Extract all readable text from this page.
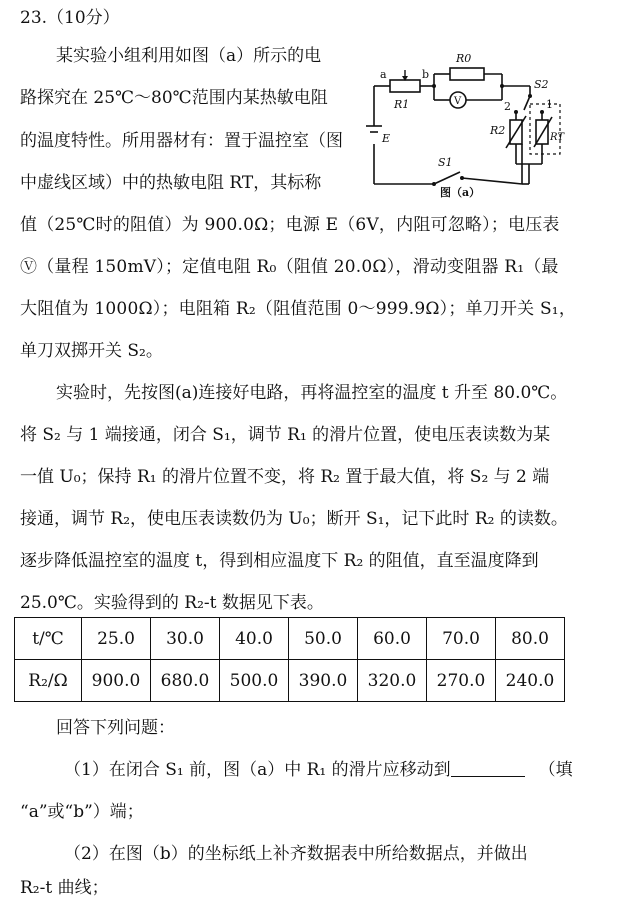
23.（10分）
某实验小组利用如图（a）所示的电
路探究在 25℃～80℃范围内某热敏电阻
的温度特性。所用器材有：置于温控室（图
中虚线区域）中的热敏电阻 RT，其标称
值（25℃时的阻值）为 900.0Ω；电源 E（6V，内阻可忽略）；电压表
Ⓥ（量程 150mV）；定值电阻 R₀（阻值 20.0Ω），滑动变阻器 R₁（最
大阻值为 1000Ω）；电阻箱 R₂（阻值范围 0～999.9Ω）；单刀开关 S₁，
单刀双掷开关 S₂。
实验时，先按图(a)连接好电路，再将温控室的温度 t 升至 80.0℃。
将 S₂ 与 1 端接通，闭合 S₁，调节 R₁ 的滑片位置，使电压表读数为某
一值 U₀；保持 R₁ 的滑片位置不变，将 R₂ 置于最大值，将 S₂ 与 2 端
接通，调节 R₂，使电压表读数仍为 U₀；断开 S₁，记下此时 R₂ 的读数。
逐步降低温控室的温度 t，得到相应温度下 R₂ 的阻值，直至温度降到
25.0℃。实验得到的 R₂-t 数据见下表。
a	b
R1
R0
V
S2
2	1
R2
RT
E
S1
图（a）
t/℃	25.0	30.0	40.0	50.0	60.0	70.0	80.0
R₂/Ω	900.0	680.0	500.0	390.0	320.0	270.0	240.0
回答下列问题：
（1）在闭合 S₁ 前，图（a）中 R₁ 的滑片应移动到	（填
“a”或“b”）端；
（2）在图（b）的坐标纸上补齐数据表中所给数据点，并做出
R₂-t 曲线；
